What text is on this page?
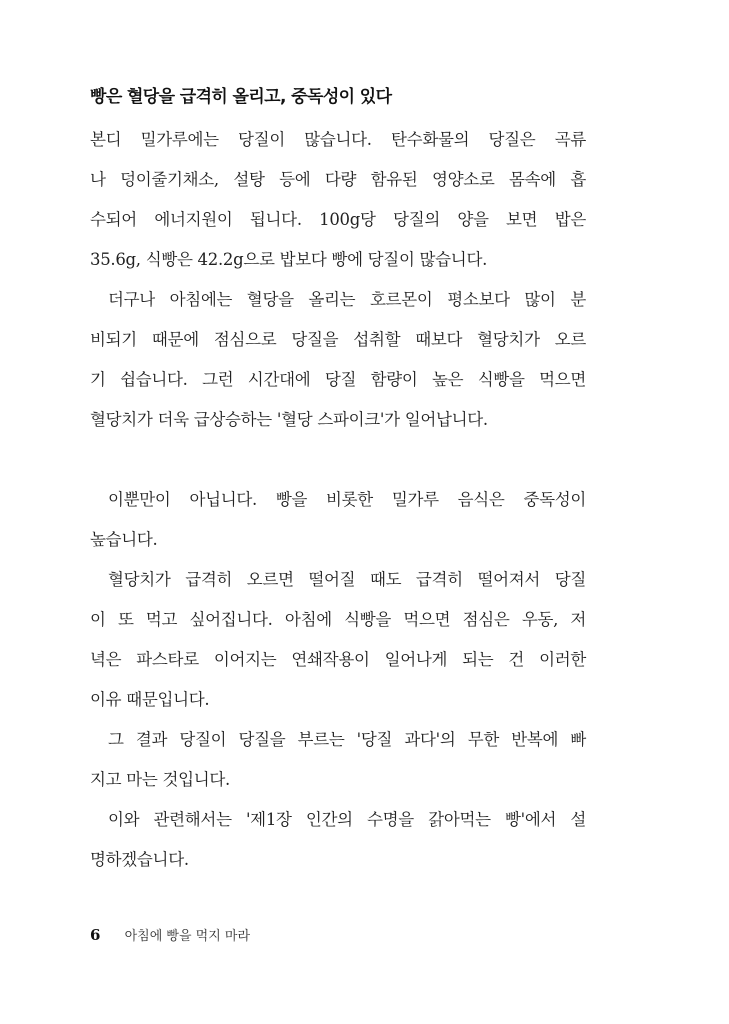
빵은 혈당을 급격히 올리고, 중독성이 있다

본디 밀가루에는 당질이 많습니다. 탄수화물의 당질은 곡류
나 덩이줄기채소, 설탕 등에 다량 함유된 영양소로 몸속에 흡
수되어 에너지원이 됩니다. 100g당 당질의 양을 보면 밥은
35.6g, 식빵은 42.2g으로 밥보다 빵에 당질이 많습니다.

더구나 아침에는 혈당을 올리는 호르몬이 평소보다 많이 분
비되기 때문에 점심으로 당질을 섭취할 때보다 혈당치가 오르
기 쉽습니다. 그런 시간대에 당질 함량이 높은 식빵을 먹으면
혈당치가 더욱 급상승하는 '혈당 스파이크'가 일어납니다.

이뿐만이 아닙니다. 빵을 비롯한 밀가루 음식은 중독성이
높습니다.

혈당치가 급격히 오르면 떨어질 때도 급격히 떨어져서 당질
이 또 먹고 싶어집니다. 아침에 식빵을 먹으면 점심은 우동, 저
녁은 파스타로 이어지는 연쇄작용이 일어나게 되는 건 이러한
이유 때문입니다.

그 결과 당질이 당질을 부르는 '당질 과다'의 무한 반복에 빠
지고 마는 것입니다.

이와 관련해서는 '제1장 인간의 수명을 갉아먹는 빵'에서 설
명하겠습니다.

6 아침에 빵을 먹지 마라
